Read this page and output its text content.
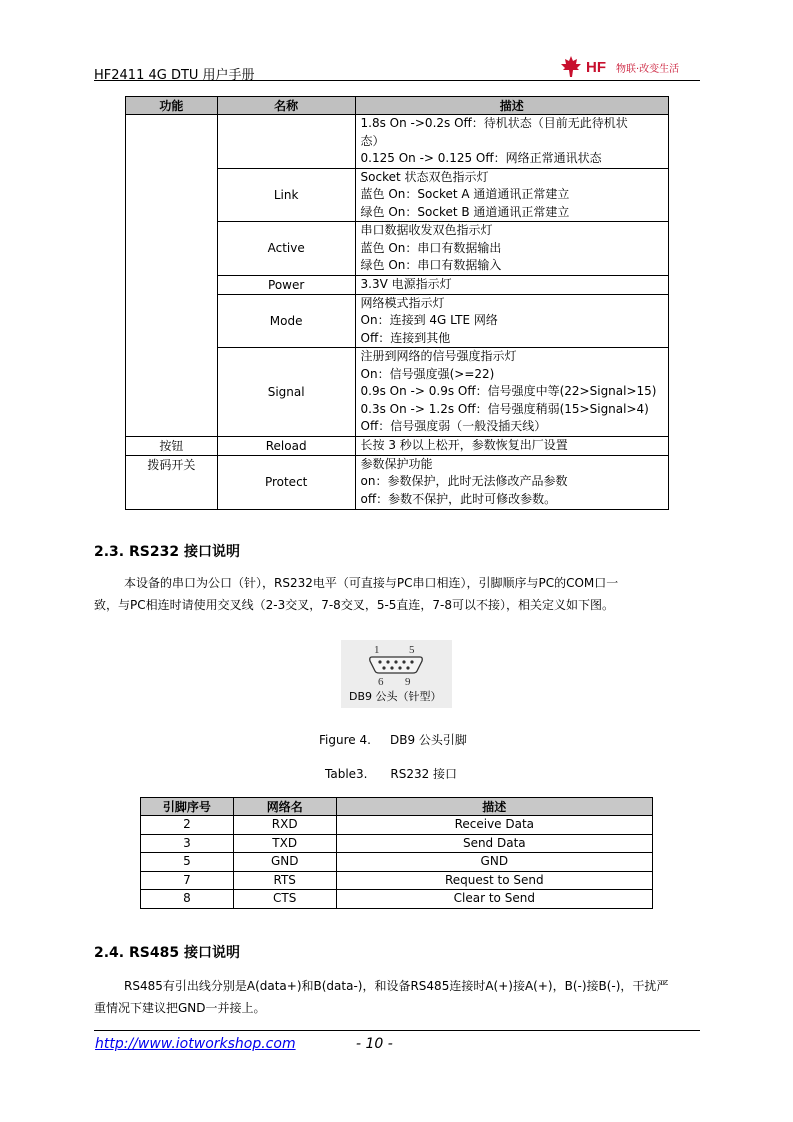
HF2411 4G DTU 用户手册	HF 物联·改变生活
功能	名称	描述

		1.8s On ->0.2s Off：待机状态（目前无此待机状
态）
0.125 On -> 0.125 Off：网络正常通讯状态

	Link	Socket 状态双色指示灯
蓝色 On：Socket A 通道通讯正常建立
绿色 On：Socket B 通道通讯正常建立

	Active	串口数据收发双色指示灯
蓝色 On：串口有数据输出
绿色 On：串口有数据输入

	Power	3.3V 电源指示灯

	Mode	网络模式指示灯
On：连接到 4G LTE 网络
Off：连接到其他

	Signal	注册到网络的信号强度指示灯
On：信号强度强(>=22)
0.9s On -> 0.9s Off：信号强度中等(22>Signal>15)
0.3s On -> 1.2s Off：信号强度稍弱(15>Signal>4)
Off：信号强度弱（一般没插天线）

按钮	Reload	长按 3 秒以上松开，参数恢复出厂设置

拨码开关	Protect	参数保护功能
on：参数保护，此时无法修改产品参数
off：参数不保护，此时可修改参数。
2.3. RS232 接口说明
本设备的串口为公口（针），RS232电平（可直接与PC串口相连），引脚顺序与PC的COM口一
致，与PC相连时请使用交叉线（2-3交叉，7-8交叉，5-5直连，7-8可以不接），相关定义如下图。
1	5
6 9
DB9 公头（针型）
Figure 4.     DB9 公头引脚
Table3.      RS232 接口
引脚序号	网络名	描述
2	RXD	Receive Data
3	TXD	Send Data
5	GND	GND
7	RTS	Request to Send
8	CTS	Clear to Send
2.4. RS485 接口说明
RS485有引出线分别是A(data+)和B(data-)，和设备RS485连接时A(+)接A(+)，B(-)接B(-)，干扰严
重情况下建议把GND一并接上。
http://www.iotworkshop.com	- 10 -
